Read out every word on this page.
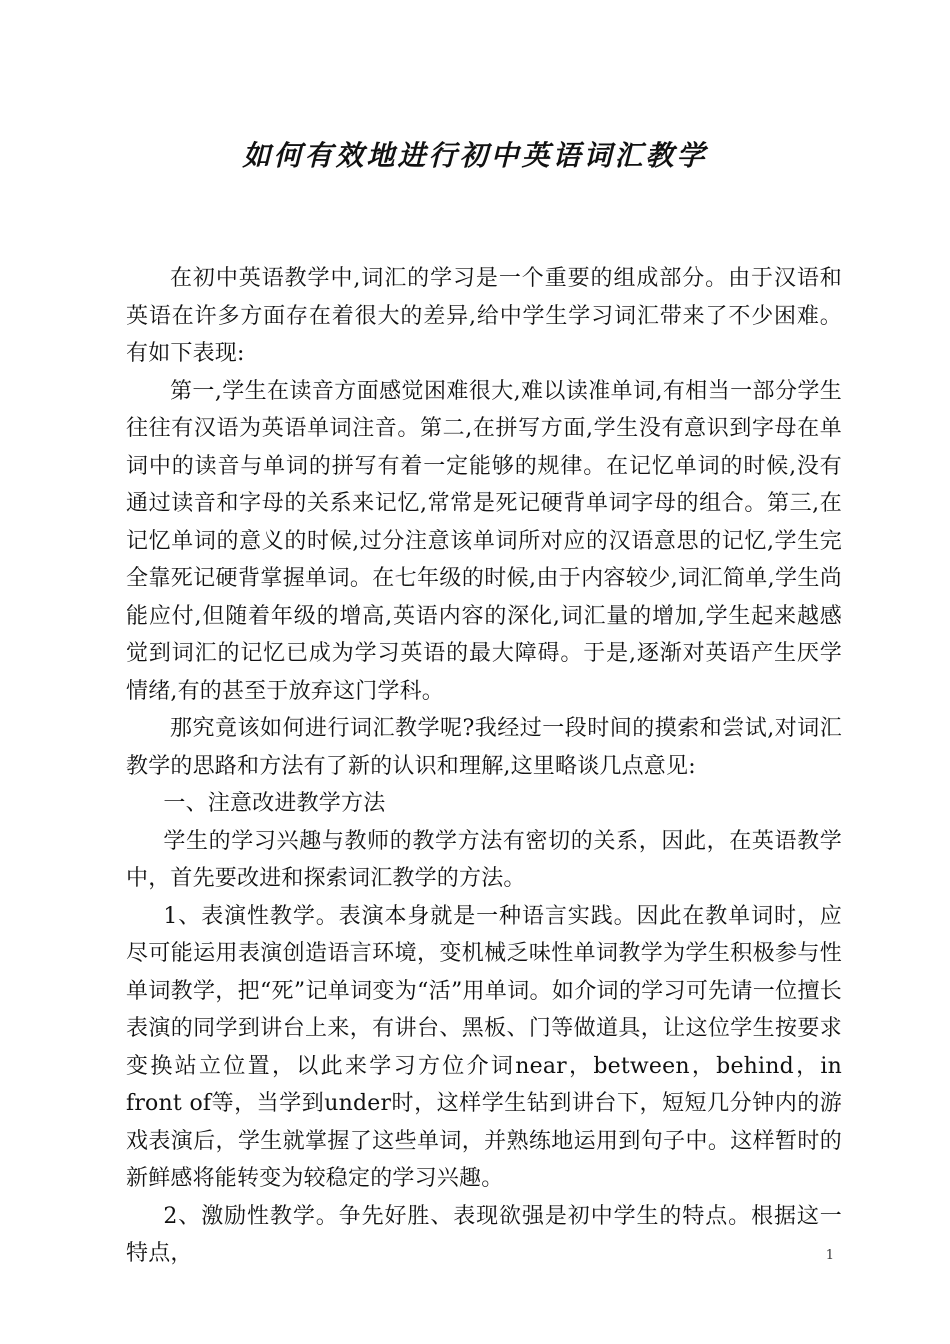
如何有效地进行初中英语词汇教学

在初中英语教学中,词汇的学习是一个重要的组成部分。由于汉语和英语在许多方面存在着很大的差异,给中学生学习词汇带来了不少困难。有如下表现:

第一,学生在读音方面感觉困难很大,难以读准单词,有相当一部分学生往往有汉语为英语单词注音。第二,在拼写方面,学生没有意识到字母在单词中的读音与单词的拼写有着一定能够的规律。在记忆单词的时候,没有通过读音和字母的关系来记忆,常常是死记硬背单词字母的组合。第三,在记忆单词的意义的时候,过分注意该单词所对应的汉语意思的记忆,学生完全靠死记硬背掌握单词。在七年级的时候,由于内容较少,词汇简单,学生尚能应付,但随着年级的增高,英语内容的深化,词汇量的增加,学生起来越感觉到词汇的记忆已成为学习英语的最大障碍。于是,逐渐对英语产生厌学情绪,有的甚至于放弃这门学科。

那究竟该如何进行词汇教学呢?我经过一段时间的摸索和尝试,对词汇教学的思路和方法有了新的认识和理解,这里略谈几点意见:

一、注意改进教学方法

学生的学习兴趣与教师的教学方法有密切的关系，因此，在英语教学中，首先要改进和探索词汇教学的方法。

1、表演性教学。表演本身就是一种语言实践。因此在教单词时，应尽可能运用表演创造语言环境，变机械乏味性单词教学为学生积极参与性单词教学，把“死”记单词变为“活”用单词。如介词的学习可先请一位擅长表演的同学到讲台上来，有讲台、黑板、门等做道具，让这位学生按要求变换站立位置，以此来学习方位介词near，between，behind，in front of等，当学到under时，这样学生钻到讲台下，短短几分钟内的游戏表演后，学生就掌握了这些单词，并熟练地运用到句子中。这样暂时的新鲜感将能转变为较稳定的学习兴趣。

2、激励性教学。争先好胜、表现欲强是初中学生的特点。根据这一特点，	1
